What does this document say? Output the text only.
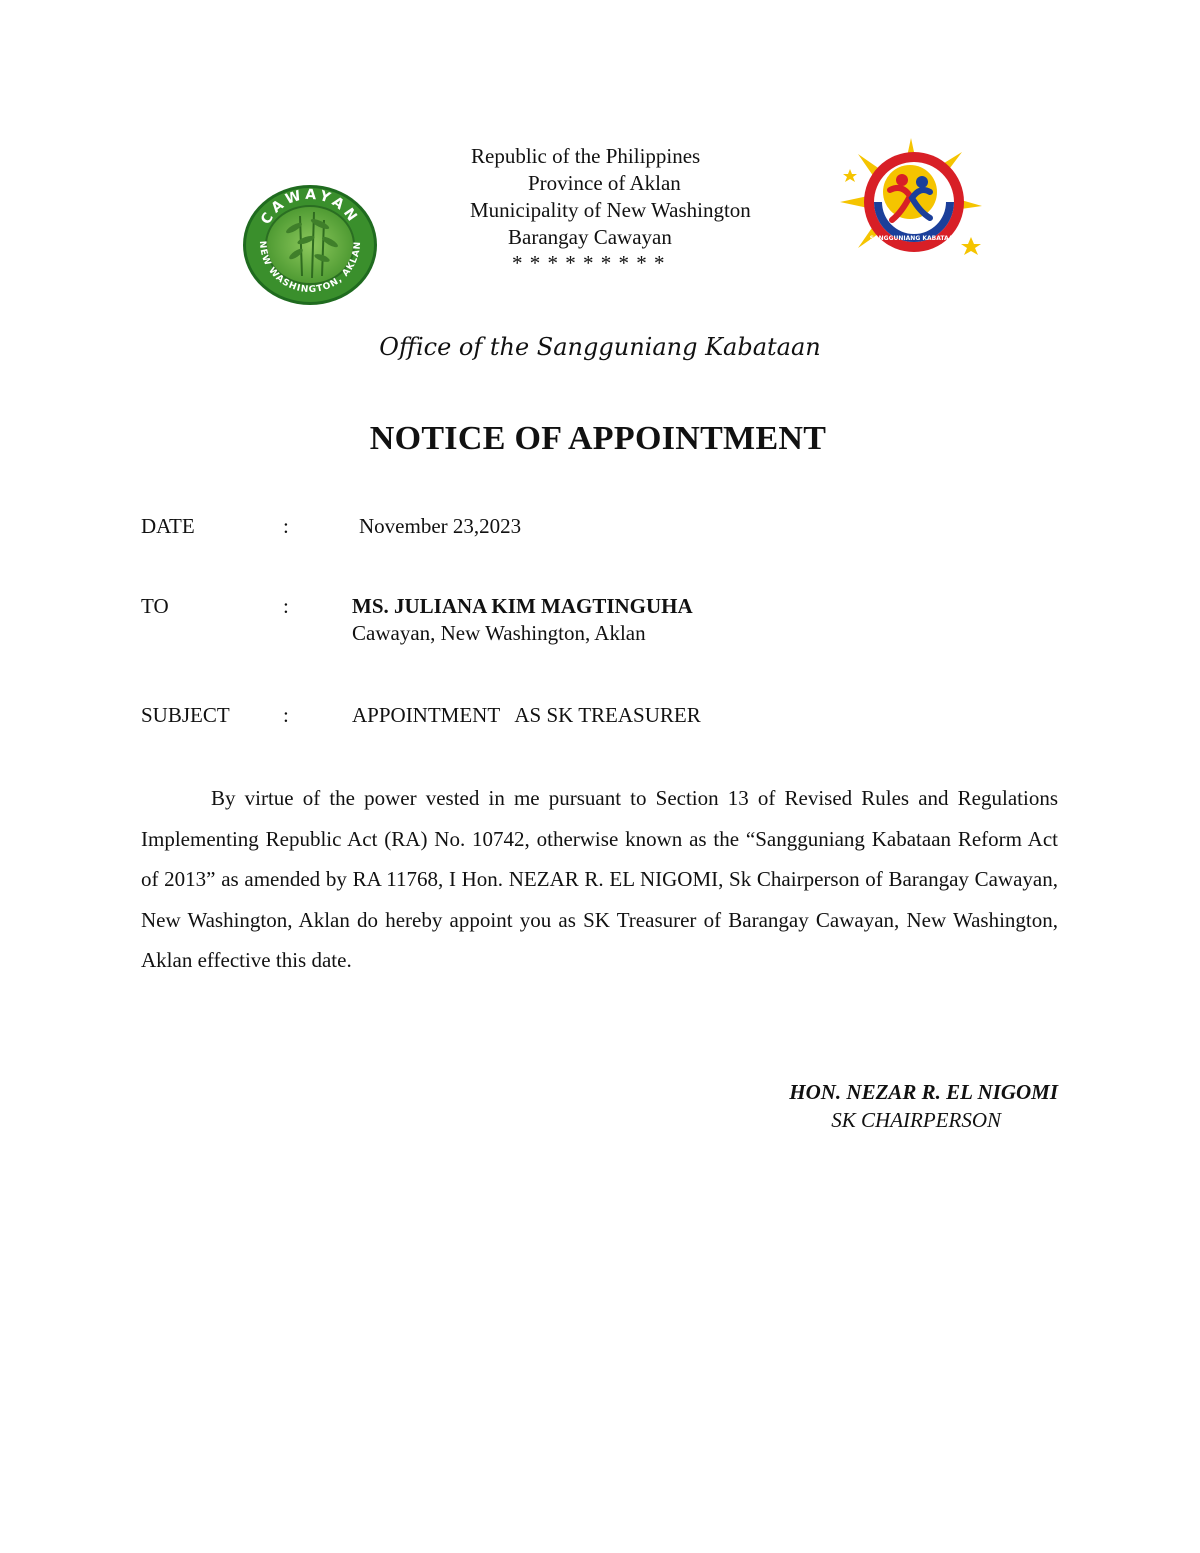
CAWAYAN
NEW WASHINGTON, AKLAN
Republic of the Philippines
Province of Aklan
Municipality of New Washington
Barangay Cawayan
* * * * * * * * *
SANGGUNIANG KABATAAN
Office of the Sangguniang Kabataan
NOTICE OF APPOINTMENT
DATE	:	November 23,2023
TO	:	MS. JULIANA KIM MAGTINGUHA
Cawayan, New Washington, Aklan
SUBJECT	:	APPOINTMENT   AS SK TREASURER
By virtue of the power vested in me pursuant to Section 13 of Revised Rules and Regulations Implementing Republic Act (RA) No. 10742, otherwise known as the “Sangguniang Kabataan Reform Act of 2013” as amended by RA 11768, I Hon. NEZAR R. EL NIGOMI, Sk Chairperson of Barangay Cawayan, New Washington, Aklan do hereby appoint you as SK Treasurer of Barangay Cawayan, New Washington, Aklan effective this date.
HON. NEZAR R. EL NIGOMI
SK CHAIRPERSON
